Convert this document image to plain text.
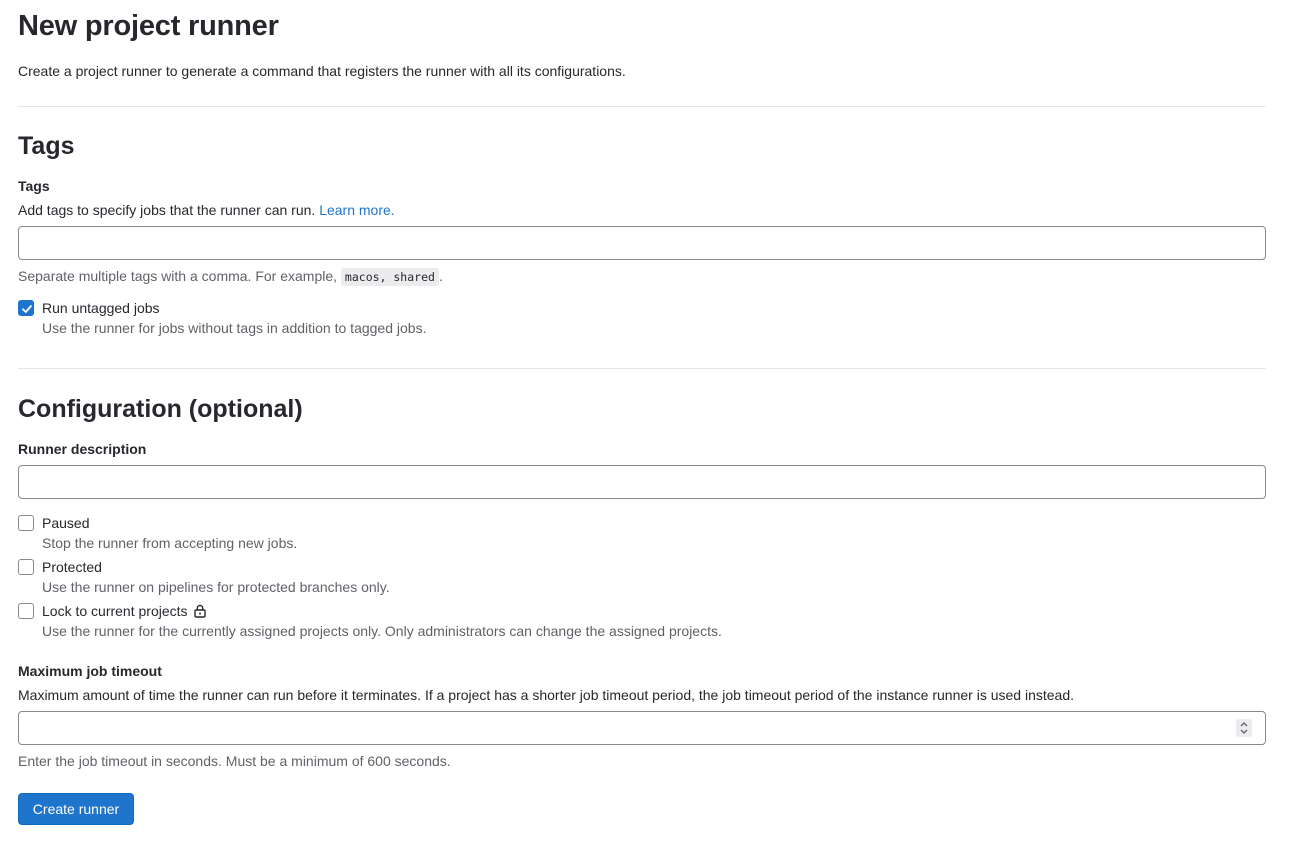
New project runner
Create a project runner to generate a command that registers the runner with all its configurations.
Tags
Tags
Add tags to specify jobs that the runner can run. Learn more.
Separate multiple tags with a comma. For example, macos, shared .
Run untagged jobs
Use the runner for jobs without tags in addition to tagged jobs.
Configuration (optional)
Runner description
Paused
Stop the runner from accepting new jobs.
Protected
Use the runner on pipelines for protected branches only.
Lock to current projects
Use the runner for the currently assigned projects only. Only administrators can change the assigned projects.
Maximum job timeout
Maximum amount of time the runner can run before it terminates. If a project has a shorter job timeout period, the job timeout period of the instance runner is used instead.
Enter the job timeout in seconds. Must be a minimum of 600 seconds.
Create runner
